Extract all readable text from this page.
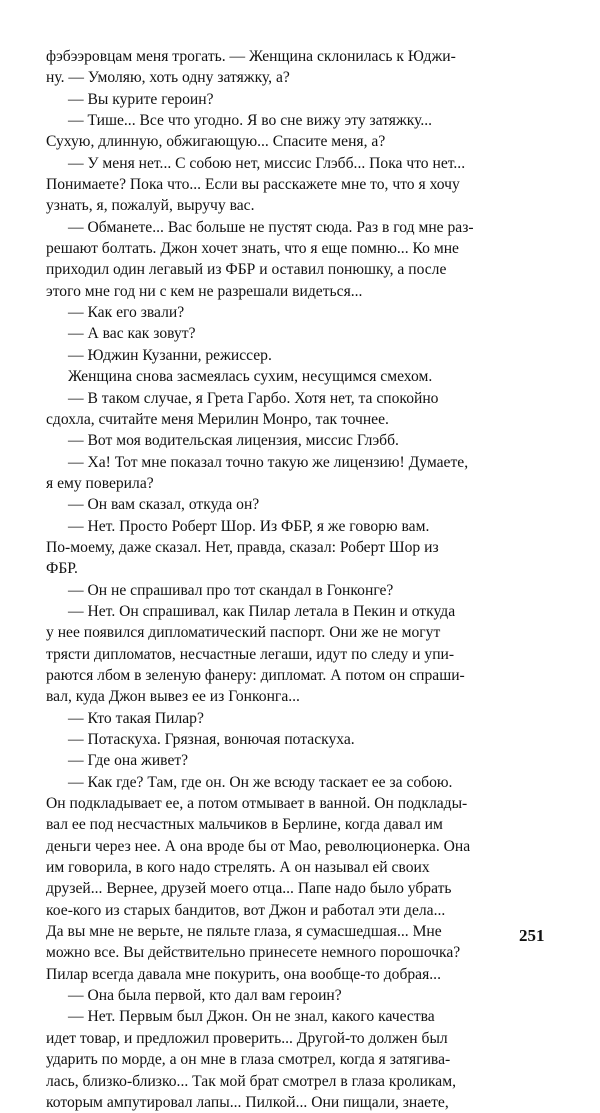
фэбээровцам меня трогать. — Женщина склонилась к Юджи-
ну. — Умоляю, хоть одну затяжку, а?
— Вы курите героин?
— Тише... Все что угодно. Я во сне вижу эту затяжку...
Сухую, длинную, обжигающую... Спасите меня, а?
— У меня нет... С собою нет, миссис Глэбб... Пока что нет...
Понимаете? Пока что... Если вы расскажете мне то, что я хочу
узнать, я, пожалуй, выручу вас.
— Обманете... Вас больше не пустят сюда. Раз в год мне раз-
решают болтать. Джон хочет знать, что я еще помню... Ко мне
приходил один легавый из ФБР и оставил понюшку, а после
этого мне год ни с кем не разрешали видеться...
— Как его звали?
— А вас как зовут?
— Юджин Кузанни, режиссер.
Женщина снова засмеялась сухим, несущимся смехом.
— В таком случае, я Грета Гарбо. Хотя нет, та спокойно
сдохла, считайте меня Мерилин Монро, так точнее.
— Вот моя водительская лицензия, миссис Глэбб.
— Ха! Тот мне показал точно такую же лицензию! Думаете,
я ему поверила?
— Он вам сказал, откуда он?
— Нет. Просто Роберт Шор. Из ФБР, я же говорю вам.
По-моему, даже сказал. Нет, правда, сказал: Роберт Шор из
ФБР.
— Он не спрашивал про тот скандал в Гонконге?
— Нет. Он спрашивал, как Пилар летала в Пекин и откуда
у нее появился дипломатический паспорт. Они же не могут
трясти дипломатов, несчастные легаши, идут по следу и упи-
раются лбом в зеленую фанеру: дипломат. А потом он спраши-
вал, куда Джон вывез ее из Гонконга...
— Кто такая Пилар?
— Потаскуха. Грязная, вонючая потаскуха.
— Где она живет?
— Как где? Там, где он. Он же всюду таскает ее за собою.
Он подкладывает ее, а потом отмывает в ванной. Он подклады-
вал ее под несчастных мальчиков в Берлине, когда давал им
деньги через нее. А она вроде бы от Мао, революционерка. Она
им говорила, в кого надо стрелять. А он называл ей своих
друзей... Вернее, друзей моего отца... Папе надо было убрать
кое-кого из старых бандитов, вот Джон и работал эти дела...
Да вы мне не верьте, не пяльте глаза, я сумасшедшая... Мне
можно все. Вы действительно принесете немного порошочка?
Пилар всегда давала мне покурить, она вообще-то добрая...
— Она была первой, кто дал вам героин?
— Нет. Первым был Джон. Он не знал, какого качества
идет товар, и предложил проверить... Другой-то должен был
ударить по морде, а он мне в глаза смотрел, когда я затягива-
лась, близко-близко... Так мой брат смотрел в глаза кроликам,
которым ампутировал лапы... Пилкой... Они пищали, знаете,
251
